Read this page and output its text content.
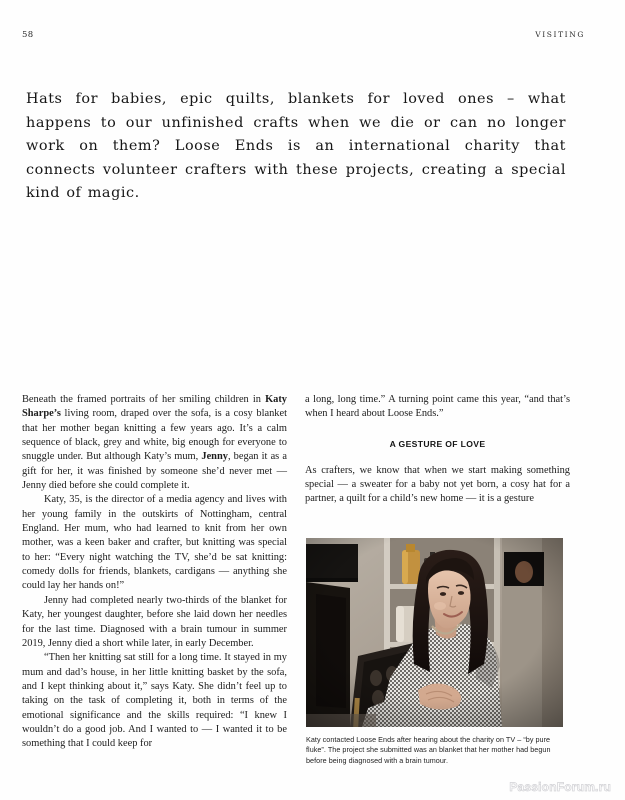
58	VISITING
Hats for babies, epic quilts, blankets for loved ones – what happens to our unfinished crafts when we die or can no longer work on them? Loose Ends is an international charity that connects volunteer crafters with these projects, creating a special kind of magic.

Beneath the framed portraits of her smiling children in Katy Sharpe’s living room, draped over the sofa, is a cosy blanket that her mother began knitting a few years ago. It’s a calm sequence of black, grey and white, big enough for everyone to snuggle under. But although Katy’s mum, Jenny, began it as a gift for her, it was finished by someone she’d never met — Jenny died before she could complete it.

Katy, 35, is the director of a media agency and lives with her young family in the outskirts of Nottingham, central England. Her mum, who had learned to knit from her own mother, was a keen baker and crafter, but knitting was special to her: “Every night watching the TV, she’d be sat knitting: comedy dolls for friends, blankets, cardigans — anything she could lay her hands on!”

Jenny had completed nearly two-thirds of the blanket for Katy, her youngest daughter, before she laid down her needles for the last time. Diagnosed with a brain tumour in summer 2019, Jenny died a short while later, in early December.

“Then her knitting sat still for a long time. It stayed in my mum and dad’s house, in her little knitting basket by the sofa, and I kept thinking about it,” says Katy. She didn’t feel up to taking on the task of completing it, both in terms of the emotional significance and the skills required: “I knew I wouldn’t do a good job. And I wanted to — I wanted it to be something that I could keep for

a long, long time.” A turning point came this year, “and that’s when I heard about Loose Ends.”

A GESTURE OF LOVE

As crafters, we know that when we start making something special — a sweater for a baby not yet born, a cosy hat for a partner, a quilt for a child’s new home — it is a gesture

Katy contacted Loose Ends after hearing about the charity on TV – “by pure fluke”. The project she submitted was an blanket that her mother had begun before being diagnosed with a brain tumour.
PassionForum.ru
